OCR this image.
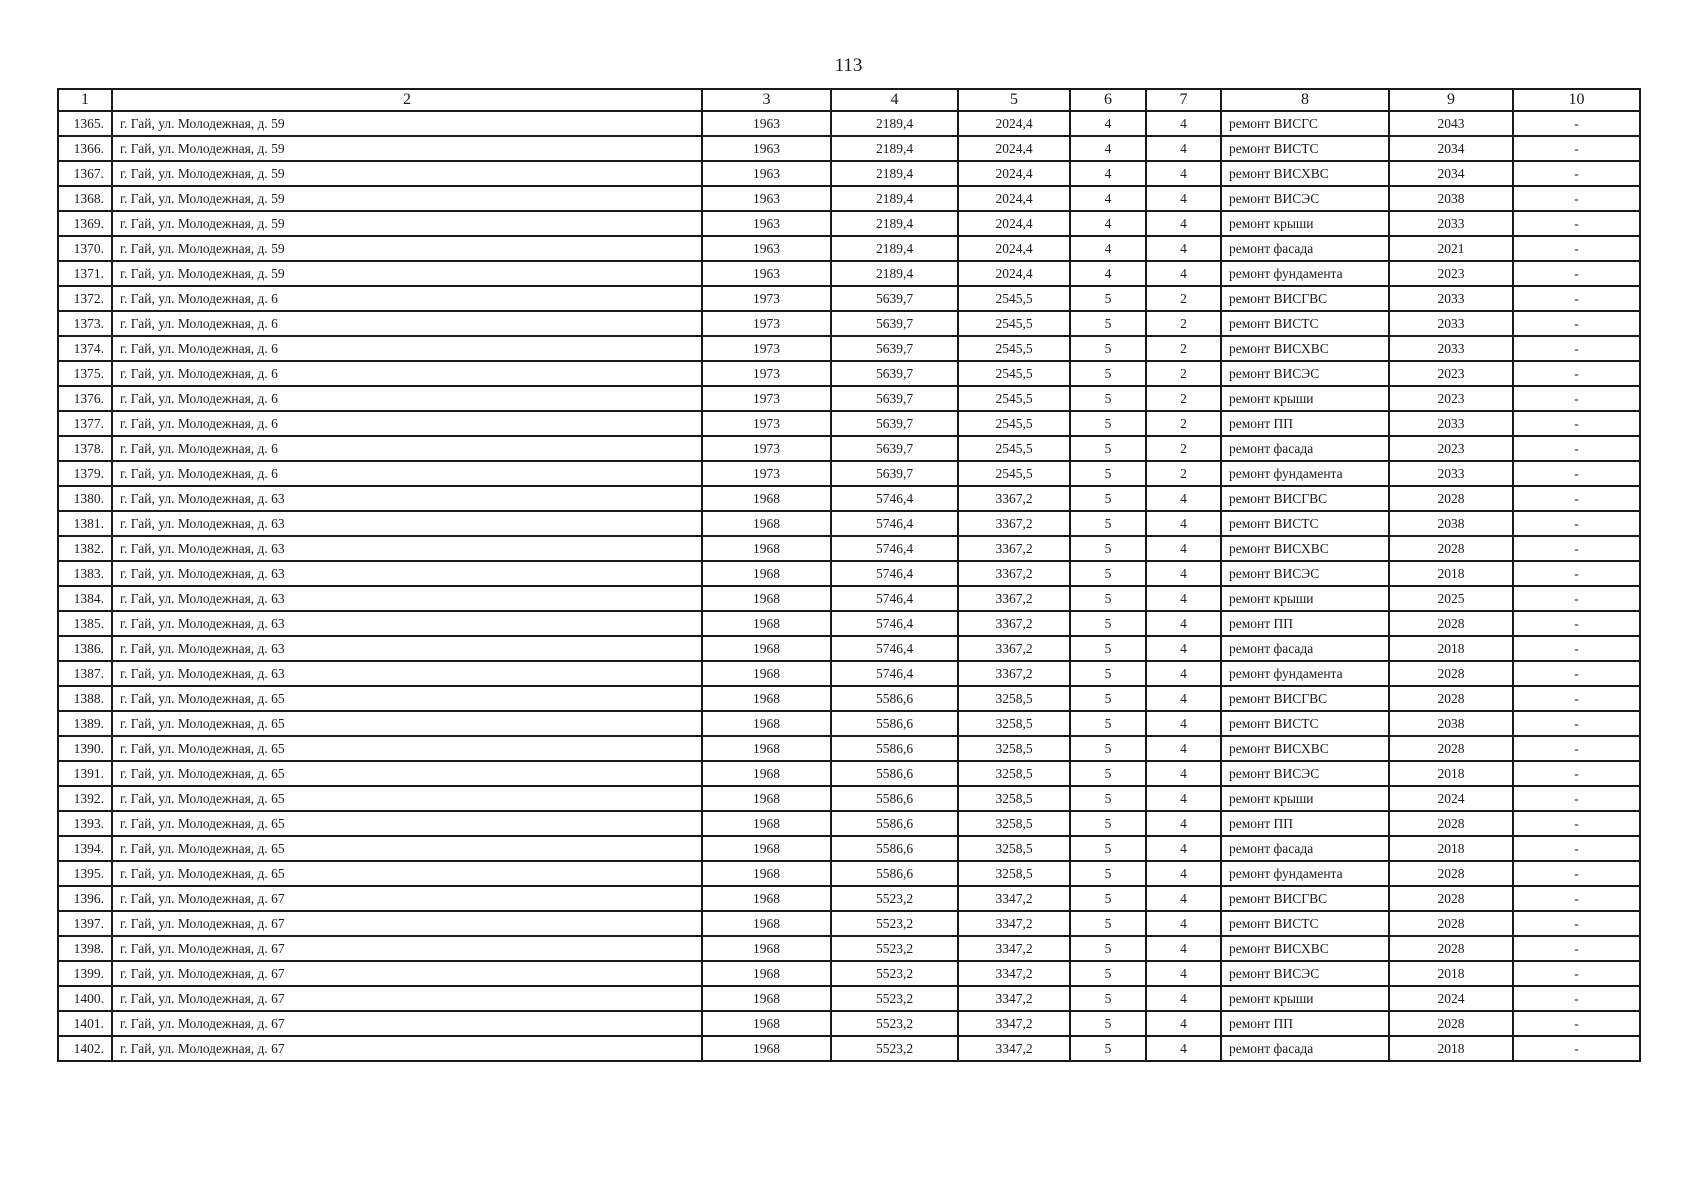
113
1	2	3	4	5	6	7	8	9	10
1365.	г. Гай, ул. Молодежная, д. 59	1963	2189,4	2024,4	4	4	ремонт ВИСГС	2043	-
1366.	г. Гай, ул. Молодежная, д. 59	1963	2189,4	2024,4	4	4	ремонт ВИСТС	2034	-
1367.	г. Гай, ул. Молодежная, д. 59	1963	2189,4	2024,4	4	4	ремонт ВИСХВС	2034	-
1368.	г. Гай, ул. Молодежная, д. 59	1963	2189,4	2024,4	4	4	ремонт ВИСЭС	2038	-
1369.	г. Гай, ул. Молодежная, д. 59	1963	2189,4	2024,4	4	4	ремонт крыши	2033	-
1370.	г. Гай, ул. Молодежная, д. 59	1963	2189,4	2024,4	4	4	ремонт фасада	2021	-
1371.	г. Гай, ул. Молодежная, д. 59	1963	2189,4	2024,4	4	4	ремонт фундамента	2023	-
1372.	г. Гай, ул. Молодежная, д. 6	1973	5639,7	2545,5	5	2	ремонт ВИСГВС	2033	-
1373.	г. Гай, ул. Молодежная, д. 6	1973	5639,7	2545,5	5	2	ремонт ВИСТС	2033	-
1374.	г. Гай, ул. Молодежная, д. 6	1973	5639,7	2545,5	5	2	ремонт ВИСХВС	2033	-
1375.	г. Гай, ул. Молодежная, д. 6	1973	5639,7	2545,5	5	2	ремонт ВИСЭС	2023	-
1376.	г. Гай, ул. Молодежная, д. 6	1973	5639,7	2545,5	5	2	ремонт крыши	2023	-
1377.	г. Гай, ул. Молодежная, д. 6	1973	5639,7	2545,5	5	2	ремонт ПП	2033	-
1378.	г. Гай, ул. Молодежная, д. 6	1973	5639,7	2545,5	5	2	ремонт фасада	2023	-
1379.	г. Гай, ул. Молодежная, д. 6	1973	5639,7	2545,5	5	2	ремонт фундамента	2033	-
1380.	г. Гай, ул. Молодежная, д. 63	1968	5746,4	3367,2	5	4	ремонт ВИСГВС	2028	-
1381.	г. Гай, ул. Молодежная, д. 63	1968	5746,4	3367,2	5	4	ремонт ВИСТС	2038	-
1382.	г. Гай, ул. Молодежная, д. 63	1968	5746,4	3367,2	5	4	ремонт ВИСХВС	2028	-
1383.	г. Гай, ул. Молодежная, д. 63	1968	5746,4	3367,2	5	4	ремонт ВИСЭС	2018	-
1384.	г. Гай, ул. Молодежная, д. 63	1968	5746,4	3367,2	5	4	ремонт крыши	2025	-
1385.	г. Гай, ул. Молодежная, д. 63	1968	5746,4	3367,2	5	4	ремонт ПП	2028	-
1386.	г. Гай, ул. Молодежная, д. 63	1968	5746,4	3367,2	5	4	ремонт фасада	2018	-
1387.	г. Гай, ул. Молодежная, д. 63	1968	5746,4	3367,2	5	4	ремонт фундамента	2028	-
1388.	г. Гай, ул. Молодежная, д. 65	1968	5586,6	3258,5	5	4	ремонт ВИСГВС	2028	-
1389.	г. Гай, ул. Молодежная, д. 65	1968	5586,6	3258,5	5	4	ремонт ВИСТС	2038	-
1390.	г. Гай, ул. Молодежная, д. 65	1968	5586,6	3258,5	5	4	ремонт ВИСХВС	2028	-
1391.	г. Гай, ул. Молодежная, д. 65	1968	5586,6	3258,5	5	4	ремонт ВИСЭС	2018	-
1392.	г. Гай, ул. Молодежная, д. 65	1968	5586,6	3258,5	5	4	ремонт крыши	2024	-
1393.	г. Гай, ул. Молодежная, д. 65	1968	5586,6	3258,5	5	4	ремонт ПП	2028	-
1394.	г. Гай, ул. Молодежная, д. 65	1968	5586,6	3258,5	5	4	ремонт фасада	2018	-
1395.	г. Гай, ул. Молодежная, д. 65	1968	5586,6	3258,5	5	4	ремонт фундамента	2028	-
1396.	г. Гай, ул. Молодежная, д. 67	1968	5523,2	3347,2	5	4	ремонт ВИСГВС	2028	-
1397.	г. Гай, ул. Молодежная, д. 67	1968	5523,2	3347,2	5	4	ремонт ВИСТС	2028	-
1398.	г. Гай, ул. Молодежная, д. 67	1968	5523,2	3347,2	5	4	ремонт ВИСХВС	2028	-
1399.	г. Гай, ул. Молодежная, д. 67	1968	5523,2	3347,2	5	4	ремонт ВИСЭС	2018	-
1400.	г. Гай, ул. Молодежная, д. 67	1968	5523,2	3347,2	5	4	ремонт крыши	2024	-
1401.	г. Гай, ул. Молодежная, д. 67	1968	5523,2	3347,2	5	4	ремонт ПП	2028	-
1402.	г. Гай, ул. Молодежная, д. 67	1968	5523,2	3347,2	5	4	ремонт фасада	2018	-
